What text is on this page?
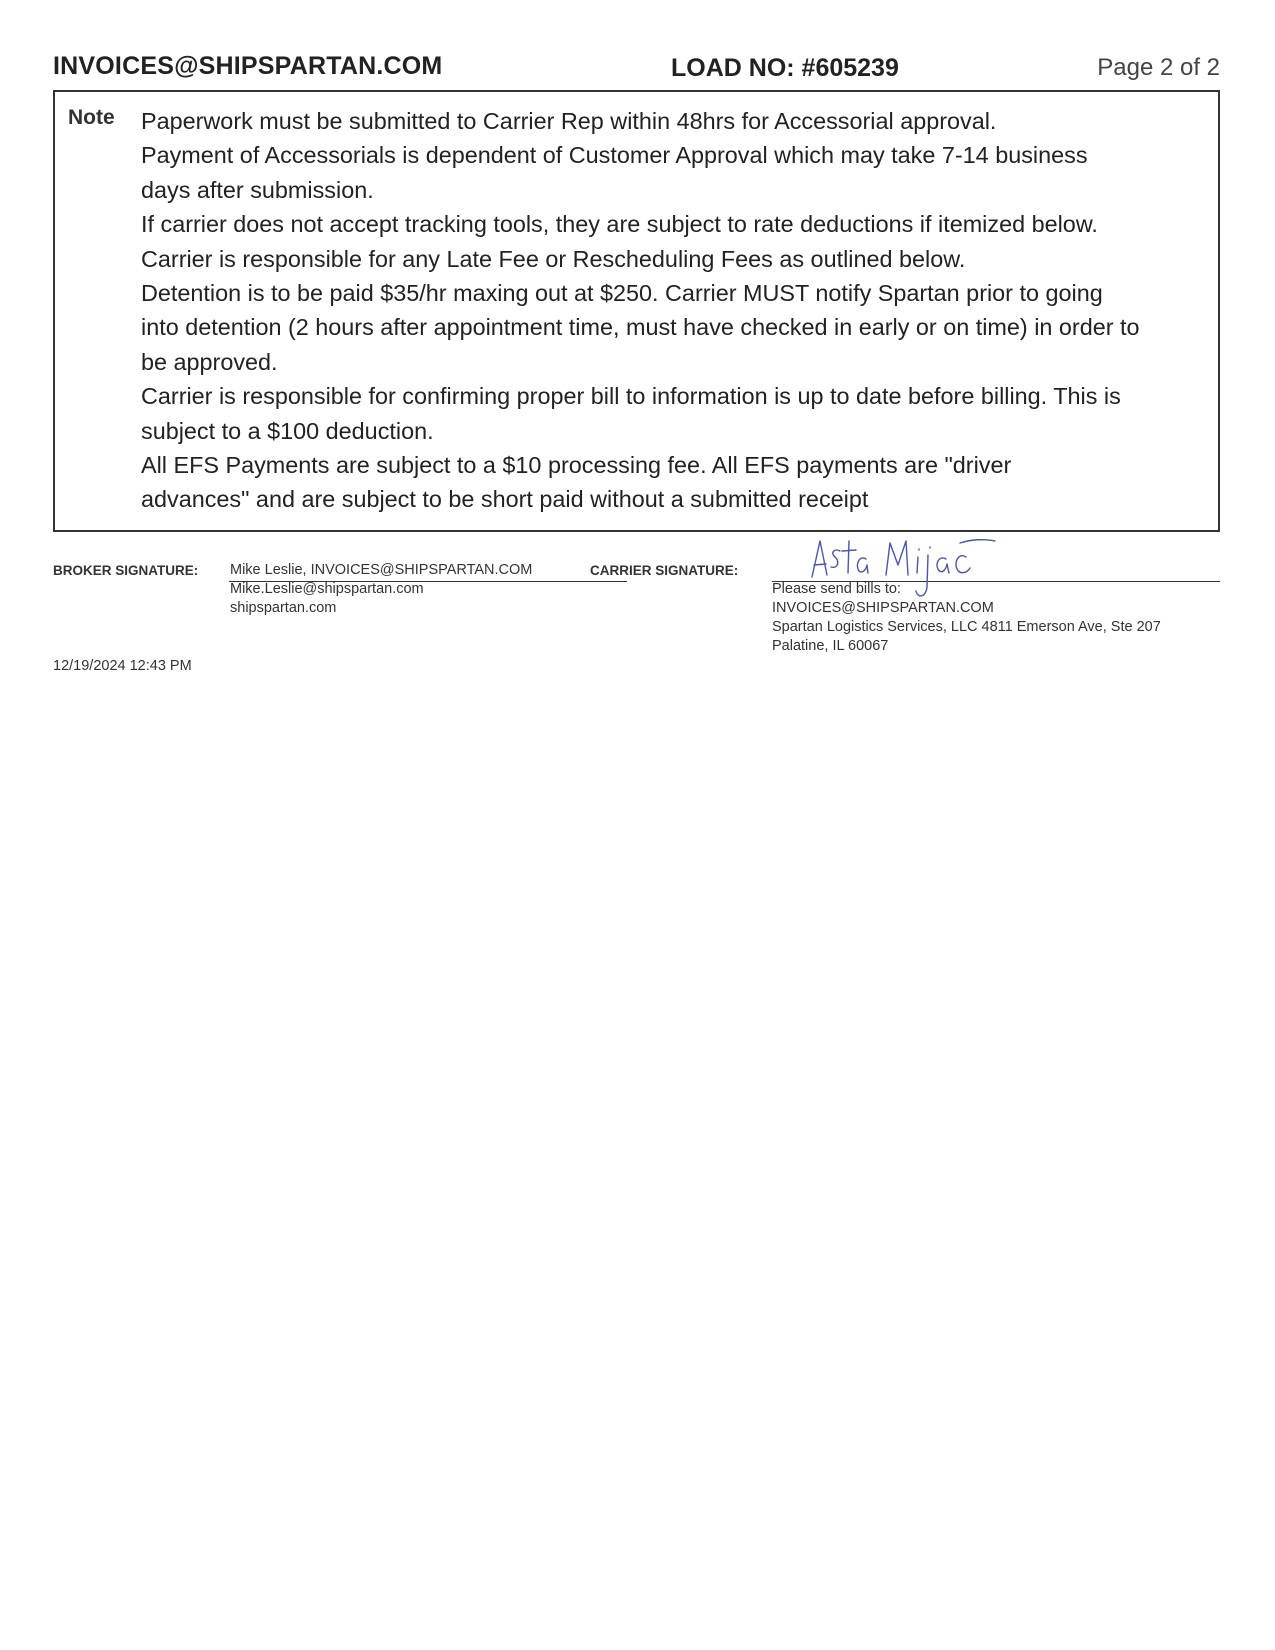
INVOICES@SHIPSPARTAN.COM	LOAD NO: #605239	Page 2 of 2
Note Paperwork must be submitted to Carrier Rep within 48hrs for Accessorial approval.
Payment of Accessorials is dependent of Customer Approval which may take 7-14 business
days after submission.
If carrier does not accept tracking tools, they are subject to rate deductions if itemized below.
Carrier is responsible for any Late Fee or Rescheduling Fees as outlined below.
Detention is to be paid $35/hr maxing out at $250. Carrier MUST notify Spartan prior to going
into detention (2 hours after appointment time, must have checked in early or on time) in order to
be approved.
Carrier is responsible for confirming proper bill to information is up to date before billing. This is
subject to a $100 deduction.
All EFS Payments are subject to a $10 processing fee. All EFS payments are "driver
advances" and are subject to be short paid without a submitted receipt
BROKER SIGNATURE: Mike Leslie, INVOICES@SHIPSPARTAN.COM
Mike.Leslie@shipspartan.com
shipspartan.com
CARRIER SIGNATURE:
Please send bills to:
INVOICES@SHIPSPARTAN.COM
Spartan Logistics Services, LLC 4811 Emerson Ave, Ste 207
Palatine, IL 60067
12/19/2024 12:43 PM
